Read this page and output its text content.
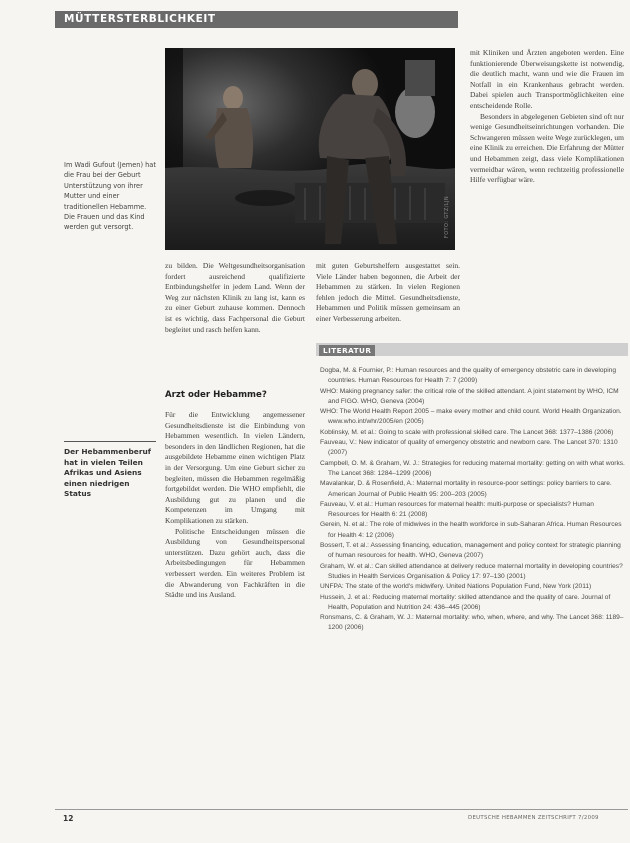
MÜTTERSTERBLICHKEIT
FOTO: GTZ/LJN
Im Wadi Gufout (Jemen) hat die Frau bei der Geburt Unterstützung von ihrer Mutter und einer traditionellen Hebamme. Die Frauen und das Kind werden gut versorgt.

zu bilden. Die Weltgesundheitsorganisation fordert ausreichend qualifizierte Entbindungshelfer in jedem Land. Wenn der Weg zur nächsten Klinik zu lang ist, kann es zu einer Geburt zuhause kommen. Dennoch ist es wichtig, dass Fachpersonal die Geburt begleitet und rasch helfen kann.

Arzt oder Hebamme?

Für die Entwicklung angemessener Gesundheitsdienste ist die Einbindung von Hebammen wesentlich. In vielen Ländern, besonders in den ländlichen Regionen, hat die ausgebildete Hebamme einen wichtigen Platz in der Versorgung. Um eine Geburt sicher zu begleiten, müssen die Hebammen regelmäßig fortgebildet werden. Die WHO empfiehlt, die Ausbildung gut zu planen und die Kompetenzen im Umgang mit Komplikationen zu stärken.

Politische Entscheidungen müssen die Ausbildung von Gesundheitspersonal unterstützen. Dazu gehört auch, dass die Arbeitsbedingungen für Hebammen verbessert werden. Ein weiteres Problem ist die Abwanderung von Fachkräften in die Städte und ins Ausland.

Der Hebammenberuf hat in vielen Teilen Afrikas und Asiens einen niedrigen Status

mit Kliniken und Ärzten angeboten werden. Eine funktionierende Überweisungskette ist notwendig, die deutlich macht, wann und wie die Frauen im Notfall in ein Krankenhaus gebracht werden. Dabei spielen auch Transportmöglichkeiten eine entscheidende Rolle.

Besonders in abgelegenen Gebieten sind oft nur wenige Gesundheitseinrichtungen vorhanden. Die Schwangeren müssen weite Wege zurücklegen, um eine Klinik zu erreichen. Die Erfahrung der Mütter und Hebammen zeigt, dass viele Komplikationen vermeidbar wären, wenn rechtzeitig professionelle Hilfe verfügbar wäre.

mit guten Geburtshelfern ausgestattet sein. Viele Länder haben begonnen, die Arbeit der Hebammen zu stärken. In vielen Regionen fehlen jedoch die Mittel. Gesundheitsdienste, Hebammen und Politik müssen gemeinsam an einer Verbesserung arbeiten.

LITERATUR

Dogba, M. & Fournier, P.: Human resources and the quality of emergency obstetric care in developing countries. Human Resources for Health 7: 7 (2009)

WHO: Making pregnancy safer: the critical role of the skilled attendant. A joint statement by WHO, ICM and FIGO. WHO, Geneva (2004)

WHO: The World Health Report 2005 – make every mother and child count. World Health Organization. www.who.int/whr/2005/en (2005)

Koblinsky, M. et al.: Going to scale with professional skilled care. The Lancet 368: 1377–1386 (2006)

Fauveau, V.: New indicator of quality of emergency obstetric and newborn care. The Lancet 370: 1310 (2007)

Campbell, O. M. & Graham, W. J.: Strategies for reducing maternal mortality: getting on with what works. The Lancet 368: 1284–1299 (2006)

Mavalankar, D. & Rosenfield, A.: Maternal mortality in resource-poor settings: policy barriers to care. American Journal of Public Health 95: 200–203 (2005)

Fauveau, V. et al.: Human resources for maternal health: multi-purpose or specialists? Human Resources for Health 6: 21 (2008)

Gerein, N. et al.: The role of midwives in the health workforce in sub-Saharan Africa. Human Resources for Health 4: 12 (2006)

Bossert, T. et al.: Assessing financing, education, management and policy context for strategic planning of human resources for health. WHO, Geneva (2007)

Graham, W. et al.: Can skilled attendance at delivery reduce maternal mortality in developing countries? Studies in Health Services Organisation & Policy 17: 97–130 (2001)

UNFPA: The state of the world's midwifery. United Nations Population Fund, New York (2011)

Hussein, J. et al.: Reducing maternal mortality: skilled attendance and the quality of care. Journal of Health, Population and Nutrition 24: 436–445 (2006)

Ronsmans, C. & Graham, W. J.: Maternal mortality: who, when, where, and why. The Lancet 368: 1189–1200 (2006)

12	DEUTSCHE HEBAMMEN ZEITSCHRIFT 7/2009
